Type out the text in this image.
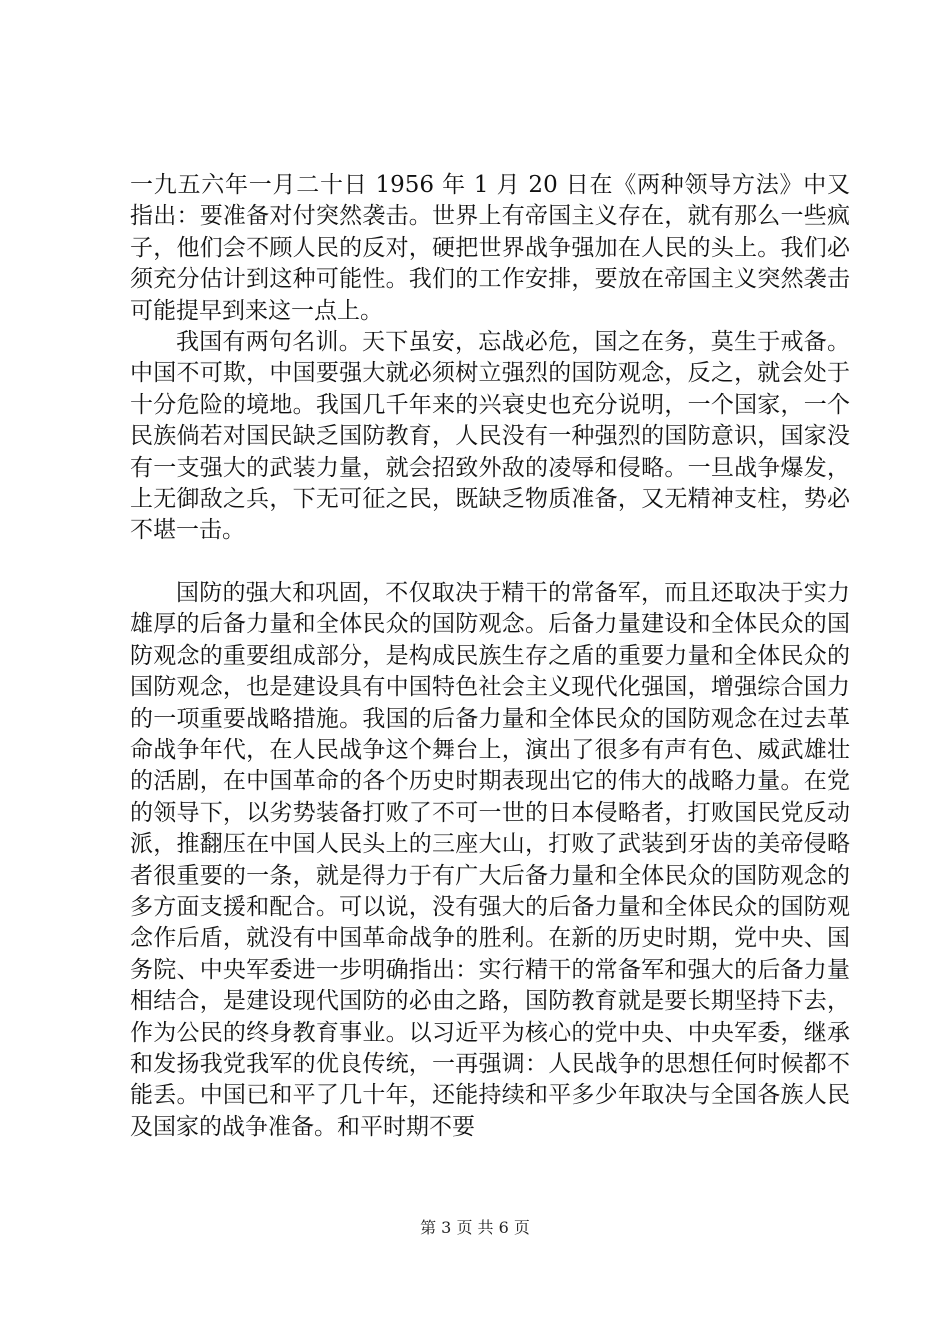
一九五六年一月二十日 1956 年 1 月 20 日在《两种领导方法》中又指出：要准备对付突然袭击。世界上有帝国主义存在，就有那么一些疯子，他们会不顾人民的反对，硬把世界战争强加在人民的头上。我们必须充分估计到这种可能性。我们的工作安排，要放在帝国主义突然袭击可能提早到来这一点上。

我国有两句名训。天下虽安，忘战必危，国之在务，莫生于戒备。中国不可欺，中国要强大就必须树立强烈的国防观念，反之，就会处于十分危险的境地。我国几千年来的兴衰史也充分说明，一个国家，一个民族倘若对国民缺乏国防教育，人民没有一种强烈的国防意识，国家没有一支强大的武装力量，就会招致外敌的凌辱和侵略。一旦战争爆发，上无御敌之兵，下无可征之民，既缺乏物质准备，又无精神支柱，势必不堪一击。

国防的强大和巩固，不仅取决于精干的常备军，而且还取决于实力雄厚的后备力量和全体民众的国防观念。后备力量建设和全体民众的国防观念的重要组成部分，是构成民族生存之盾的重要力量和全体民众的国防观念，也是建设具有中国特色社会主义现代化强国，增强综合国力的一项重要战略措施。我国的后备力量和全体民众的国防观念在过去革命战争年代，在人民战争这个舞台上，演出了很多有声有色、威武雄壮的活剧，在中国革命的各个历史时期表现出它的伟大的战略力量。在党的领导下，以劣势装备打败了不可一世的日本侵略者，打败国民党反动派，推翻压在中国人民头上的三座大山，打败了武装到牙齿的美帝侵略者很重要的一条，就是得力于有广大后备力量和全体民众的国防观念的多方面支援和配合。可以说，没有强大的后备力量和全体民众的国防观念作后盾，就没有中国革命战争的胜利。在新的历史时期，党中央、国务院、中央军委进一步明确指出：实行精干的常备军和强大的后备力量相结合，是建设现代国防的必由之路，国防教育就是要长期坚持下去，作为公民的终身教育事业。以习近平为核心的党中央、中央军委，继承和发扬我党我军的优良传统，一再强调：人民战争的思想任何时候都不能丢。中国已和平了几十年，还能持续和平多少年取决与全国各族人民及国家的战争准备。和平时期不要

第 3 页 共 6 页
